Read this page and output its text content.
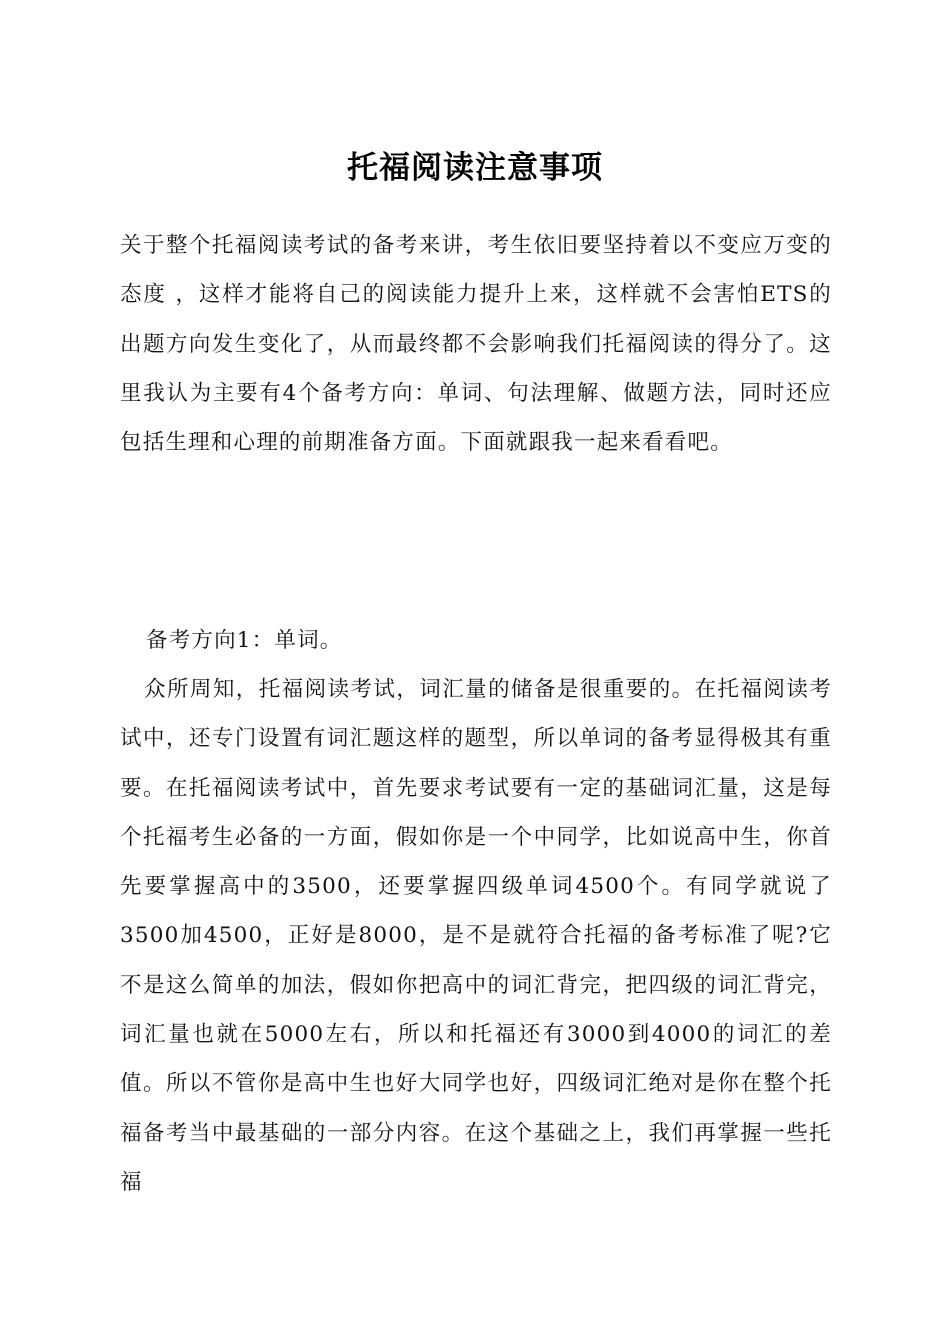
托福阅读注意事项

关于整个托福阅读考试的备考来讲，考生依旧要坚持着以不变应万变的态度 ，这样才能将自己的阅读能力提升上来，这样就不会害怕ETS的出题方向发生变化了，从而最终都不会影响我们托福阅读的得分了。这里我认为主要有4个备考方向：单词、句法理解、做题方法，同时还应包括生理和心理的前期准备方面。下面就跟我一起来看看吧。

备考方向1：单词。

众所周知，托福阅读考试，词汇量的储备是很重要的。在托福阅读考试中，还专门设置有词汇题这样的题型，所以单词的备考显得极其有重要。在托福阅读考试中，首先要求考试要有一定的基础词汇量，这是每个托福考生必备的一方面，假如你是一个中同学，比如说高中生，你首先要掌握高中的3500，还要掌握四级单词4500个。有同学就说了3500加4500，正好是8000，是不是就符合托福的备考标准了呢?它不是这么简单的加法，假如你把高中的词汇背完，把四级的词汇背完，词汇量也就在5000左右，所以和托福还有3000到4000的词汇的差值。所以不管你是高中生也好大同学也好，四级词汇绝对是你在整个托福备考当中最基础的一部分内容。在这个基础之上，我们再掌握一些托福
